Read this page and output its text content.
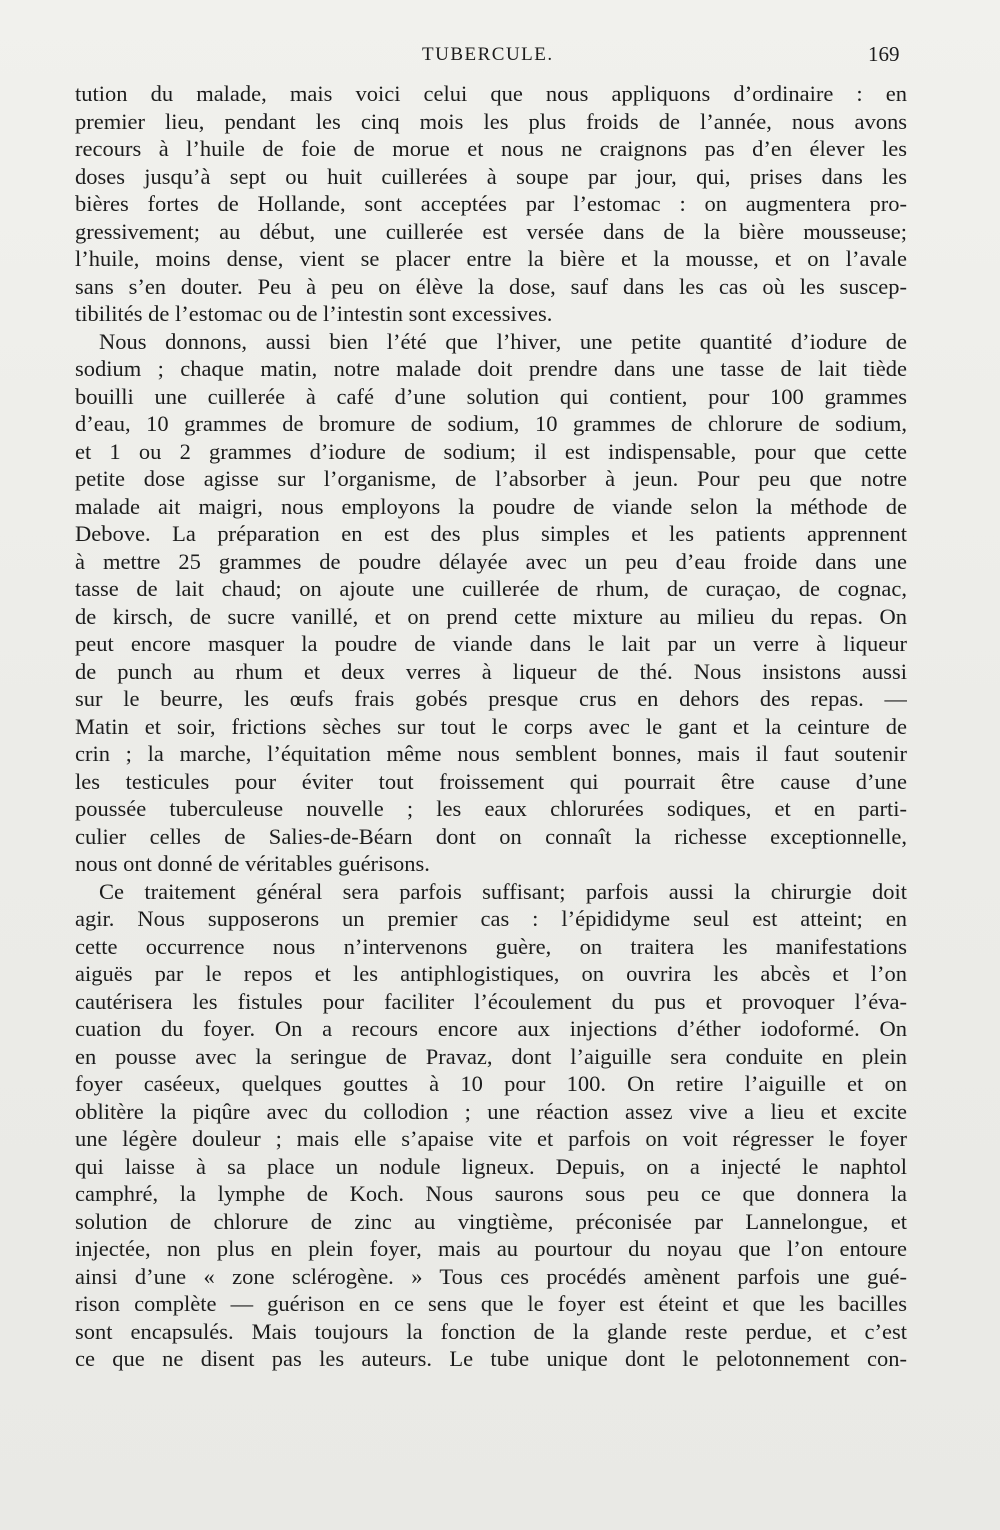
TUBERCULE.	169
tution du malade, mais voici celui que nous appliquons d’ordinaire : en
premier lieu, pendant les cinq mois les plus froids de l’année, nous avons
recours à l’huile de foie de morue et nous ne craignons pas d’en élever les
doses jusqu’à sept ou huit cuillerées à soupe par jour, qui, prises dans les
bières fortes de Hollande, sont acceptées par l’estomac : on augmentera pro-
gressivement; au début, une cuillerée est versée dans de la bière mousseuse;
l’huile, moins dense, vient se placer entre la bière et la mousse, et on l’avale
sans s’en douter. Peu à peu on élève la dose, sauf dans les cas où les suscep-
tibilités de l’estomac ou de l’intestin sont excessives.
Nous donnons, aussi bien l’été que l’hiver, une petite quantité d’iodure de
sodium ; chaque matin, notre malade doit prendre dans une tasse de lait tiède
bouilli une cuillerée à café d’une solution qui contient, pour 100 grammes
d’eau, 10 grammes de bromure de sodium, 10 grammes de chlorure de sodium,
et 1 ou 2 grammes d’iodure de sodium; il est indispensable, pour que cette
petite dose agisse sur l’organisme, de l’absorber à jeun. Pour peu que notre
malade ait maigri, nous employons la poudre de viande selon la méthode de
Debove. La préparation en est des plus simples et les patients apprennent
à mettre 25 grammes de poudre délayée avec un peu d’eau froide dans une
tasse de lait chaud; on ajoute une cuillerée de rhum, de curaçao, de cognac,
de kirsch, de sucre vanillé, et on prend cette mixture au milieu du repas. On
peut encore masquer la poudre de viande dans le lait par un verre à liqueur
de punch au rhum et deux verres à liqueur de thé. Nous insistons aussi
sur le beurre, les œufs frais gobés presque crus en dehors des repas. —
Matin et soir, frictions sèches sur tout le corps avec le gant et la ceinture de
crin ; la marche, l’équitation même nous semblent bonnes, mais il faut soutenir
les testicules pour éviter tout froissement qui pourrait être cause d’une
poussée tuberculeuse nouvelle ; les eaux chlorurées sodiques, et en parti-
culier celles de Salies-de-Béarn dont on connaît la richesse exceptionnelle,
nous ont donné de véritables guérisons.
Ce traitement général sera parfois suffisant; parfois aussi la chirurgie doit
agir. Nous supposerons un premier cas : l’épididyme seul est atteint; en
cette occurrence nous n’intervenons guère, on traitera les manifestations
aiguës par le repos et les antiphlogistiques, on ouvrira les abcès et l’on
cautérisera les fistules pour faciliter l’écoulement du pus et provoquer l’éva-
cuation du foyer. On a recours encore aux injections d’éther iodoformé. On
en pousse avec la seringue de Pravaz, dont l’aiguille sera conduite en plein
foyer caséeux, quelques gouttes à 10 pour 100. On retire l’aiguille et on
oblitère la piqûre avec du collodion ; une réaction assez vive a lieu et excite
une légère douleur ; mais elle s’apaise vite et parfois on voit régresser le foyer
qui laisse à sa place un nodule ligneux. Depuis, on a injecté le naphtol
camphré, la lymphe de Koch. Nous saurons sous peu ce que donnera la
solution de chlorure de zinc au vingtième, préconisée par Lannelongue, et
injectée, non plus en plein foyer, mais au pourtour du noyau que l’on entoure
ainsi d’une « zone sclérogène. » Tous ces procédés amènent parfois une gué-
rison complète — guérison en ce sens que le foyer est éteint et que les bacilles
sont encapsulés. Mais toujours la fonction de la glande reste perdue, et c’est
ce que ne disent pas les auteurs. Le tube unique dont le pelotonnement con-
